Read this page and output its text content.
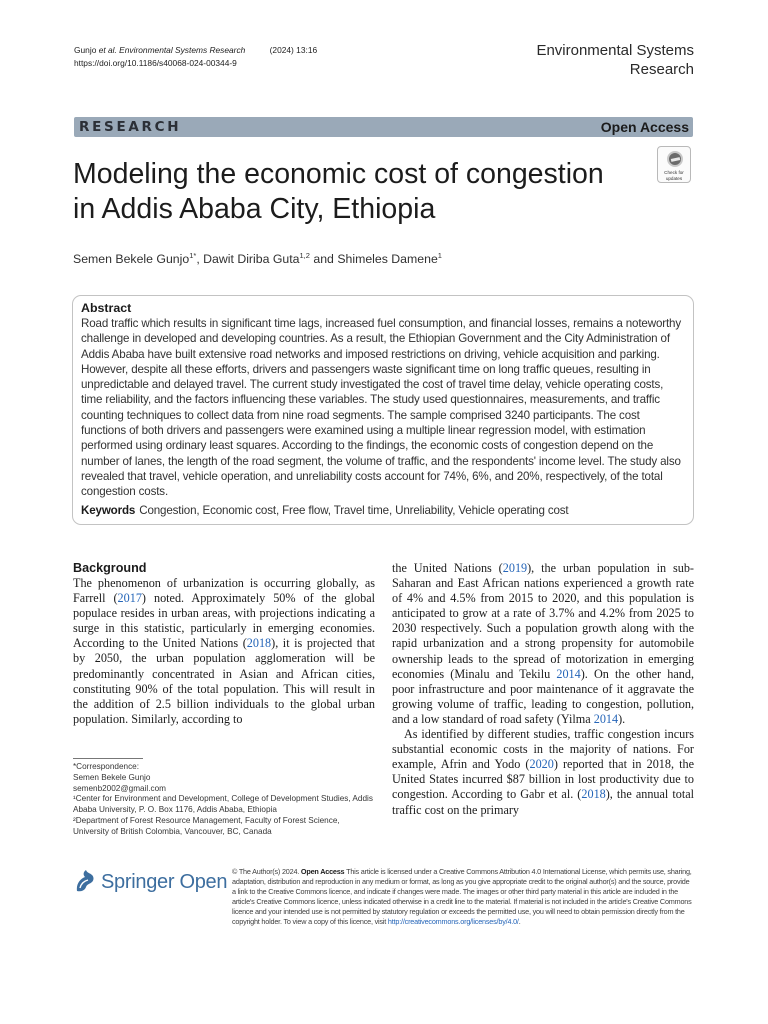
Gunjo et al. Environmental Systems Research	(2024) 13:16
https://doi.org/10.1186/s40068-024-00344-9
Environmental Systems
Research
RESEARCH	Open Access
Check for
updates
Modeling the economic cost of congestion in Addis Ababa City, Ethiopia
Semen Bekele Gunjo$^{1*}$, Dawit Diriba Guta$^{1,2}$ and Shimeles Damene$^1$
Abstract

Road traffic which results in significant time lags, increased fuel consumption, and financial losses, remains a noteworthy challenge in developed and developing countries. As a result, the Ethiopian Government and the City Administration of Addis Ababa have built extensive road networks and imposed restrictions on driving, vehicle acquisition and parking. However, despite all these efforts, drivers and passengers waste significant time on long traffic queues, resulting in unpredictable and delayed travel. The current study investigated the cost of travel time delay, vehicle operating costs, time reliability, and the factors influencing these variables. The study used questionnaires, measurements, and traffic counting techniques to collect data from nine road segments. The sample comprised 3240 participants. The cost functions of both drivers and passengers were examined using a multiple linear regression model, with estimation performed using ordinary least squares. According to the findings, the economic costs of congestion depend on the number of lanes, the length of the road segment, the volume of traffic, and the respondents' income level. The study also revealed that travel, vehicle operation, and unreliability costs account for 74%, 6%, and 20%, respectively, of the total congestion costs.

Keywords Congestion, Economic cost, Free flow, Travel time, Unreliability, Vehicle operating cost

Background

The phenomenon of urbanization is occurring globally, as Farrell (2017) noted. Approximately 50% of the global populace resides in urban areas, with projections indicating a surge in this statistic, particularly in emerging economies. According to the United Nations (2018), it is projected that by 2050, the urban population agglomeration will be predominantly concentrated in Asian and African cities, constituting 90% of the total population. This will result in the addition of 2.5 billion individuals to the global urban population. Similarly, according to

the United Nations (2019), the urban population in sub-Saharan and East African nations experienced a growth rate of 4% and 4.5% from 2015 to 2020, and this population is anticipated to grow at a rate of 3.7% and 4.2% from 2025 to 2030 respectively. Such a population growth along with the rapid urbanization and a strong propensity for automobile ownership leads to the spread of motorization in emerging economies (Minalu and Tekilu 2014). On the other hand, poor infrastructure and poor maintenance of it aggravate the growing volume of traffic, leading to congestion, pollution, and a low standard of road safety (Yilma 2014).

As identified by different studies, traffic congestion incurs substantial economic costs in the majority of nations. For example, Afrin and Yodo (2020) reported that in 2018, the United States incurred $87 billion in lost productivity due to congestion. According to Gabr et al. (2018), the annual total traffic cost on the primary

*Correspondence:
Semen Bekele Gunjo
semenb2002@gmail.com
¹Center for Environment and Development, College of Development Studies, Addis Ababa University, P. O. Box 1176, Addis Ababa, Ethiopia
²Department of Forest Resource Management, Faculty of Forest Science, University of British Colombia, Vancouver, BC, Canada
Springer Open © The Author(s) 2024. Open Access This article is licensed under a Creative Commons Attribution 4.0 International License, which permits use, sharing, adaptation, distribution and reproduction in any medium or format, as long as you give appropriate credit to the original author(s) and the source, provide a link to the Creative Commons licence, and indicate if changes were made. The images or other third party material in this article are included in the article's Creative Commons licence, unless indicated otherwise in a credit line to the material. If material is not included in the article's Creative Commons licence and your intended use is not permitted by statutory regulation or exceeds the permitted use, you will need to obtain permission directly from the copyright holder. To view a copy of this licence, visit http://creativecommons.org/licenses/by/4.0/.
